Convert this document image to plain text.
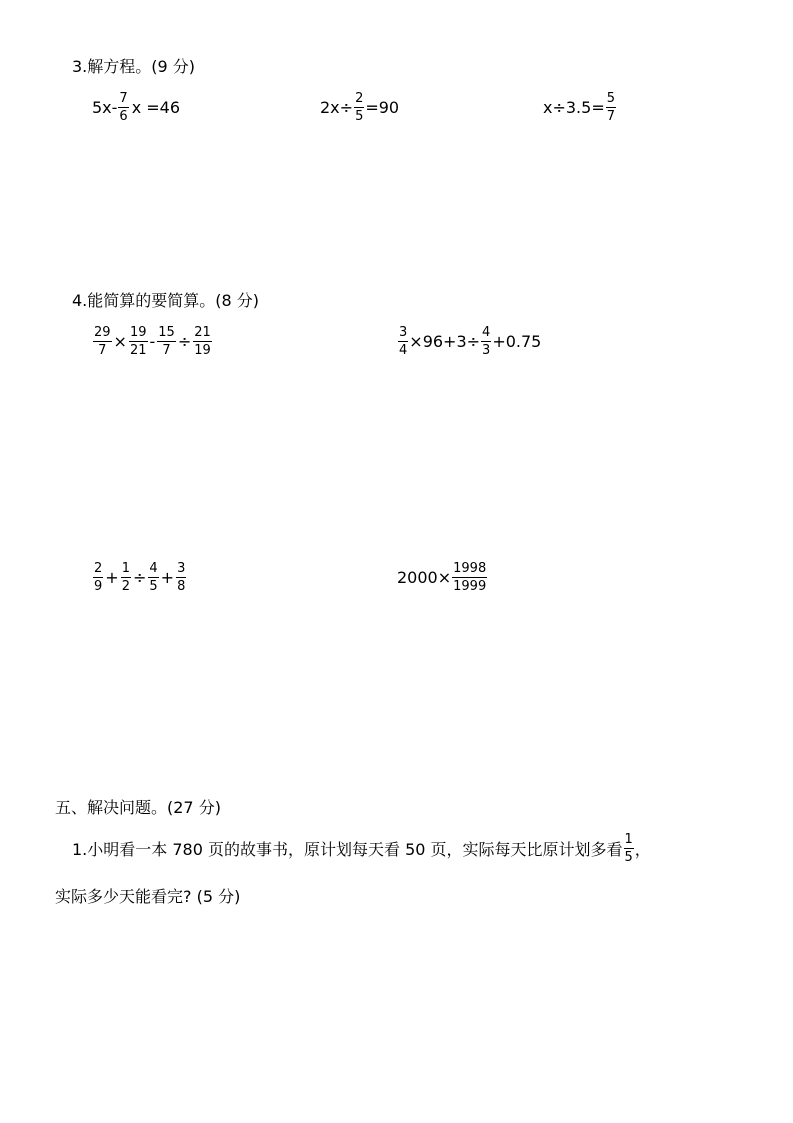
3.解方程。(9 分)
$5x- \frac{7}{6}$ x =46	$2x\div \frac{2}{5} =90$	$x\div 3.5= \frac{5}{7}$
4.能简算的要简算。(8 分)
$\frac{29}{7} \times \frac{19}{21} - \frac{15}{7} \div \frac{21}{19}$	$\frac{3}{4} \times 96+3\div \frac{4}{3} +0.75$
$\frac{2}{9} + \frac{1}{2} \div \frac{4}{5} + \frac{3}{8}$	$2000\times \frac{1998}{1999}$
五、解决问题。(27 分)
1.小明看一本 780 页的故事书，原计划每天看 50 页，实际每天比原计划多看 $\frac{1}{5}$ ，
实际多少天能看完? (5 分)
